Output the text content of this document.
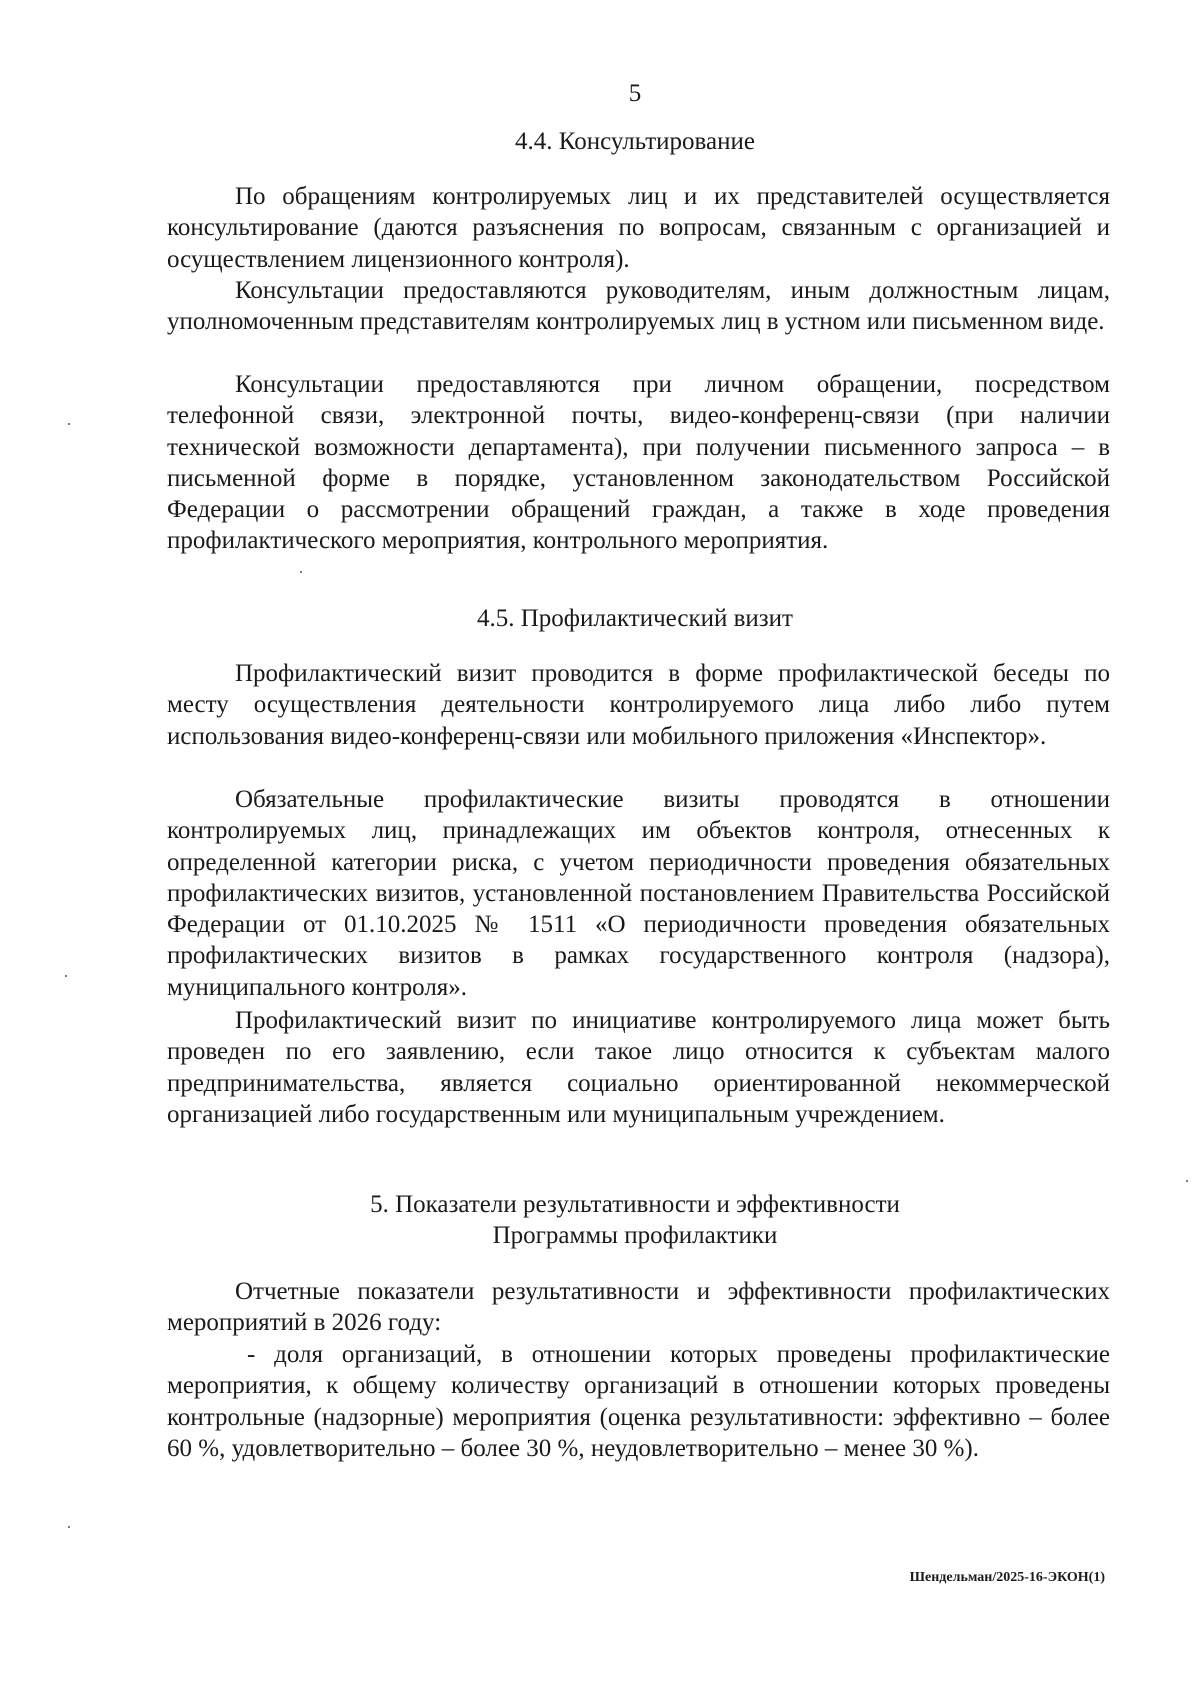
5
4.4. Консультирование

По обращениям контролируемых лиц и их представителей осуществляется консультирование (даются разъяснения по вопросам, связанным с организацией и осуществлением лицензионного контроля).

Консультации предоставляются руководителям, иным должностным лицам, уполномоченным представителям контролируемых лиц в устном или письменном виде.

Консультации предоставляются при личном обращении, посредством телефонной связи, электронной почты, видео-конференц-связи (при наличии технической возможности департамента), при получении письменного запроса – в письменной форме в порядке, установленном законодательством Российской Федерации о рассмотрении обращений граждан, а также в ходе проведения профилактического мероприятия, контрольного мероприятия.

4.5. Профилактический визит

Профилактический визит проводится в форме профилактической беседы по месту осуществления деятельности контролируемого лица либо либо путем использования видео-конференц-связи или мобильного приложения «Инспектор».

Обязательные профилактические визиты проводятся в отношении контролируемых лиц, принадлежащих им объектов контроля, отнесенных к определенной категории риска, с учетом периодичности проведения обязательных профилактических визитов, установленной постановлением Правительства Российской Федерации от 01.10.2025 № 1511 «О периодичности проведения обязательных профилактических визитов в рамках государственного контроля (надзора), муниципального контроля».

Профилактический визит по инициативе контролируемого лица может быть проведен по его заявлению, если такое лицо относится к субъектам малого предпринимательства, является социально ориентированной некоммерческой организацией либо государственным или муниципальным учреждением.

5. Показатели результативности и эффективности
Программы профилактики

Отчетные показатели результативности и эффективности профилактических мероприятий в 2026 году:

- доля организаций, в отношении которых проведены профилактические мероприятия, к общему количеству организаций в отношении которых проведены контрольные (надзорные) мероприятия (оценка результативности: эффективно – более 60 %, удовлетворительно – более 30 %, неудовлетворительно – менее 30 %).

Шендельман/2025-16-ЭКОН(1)
